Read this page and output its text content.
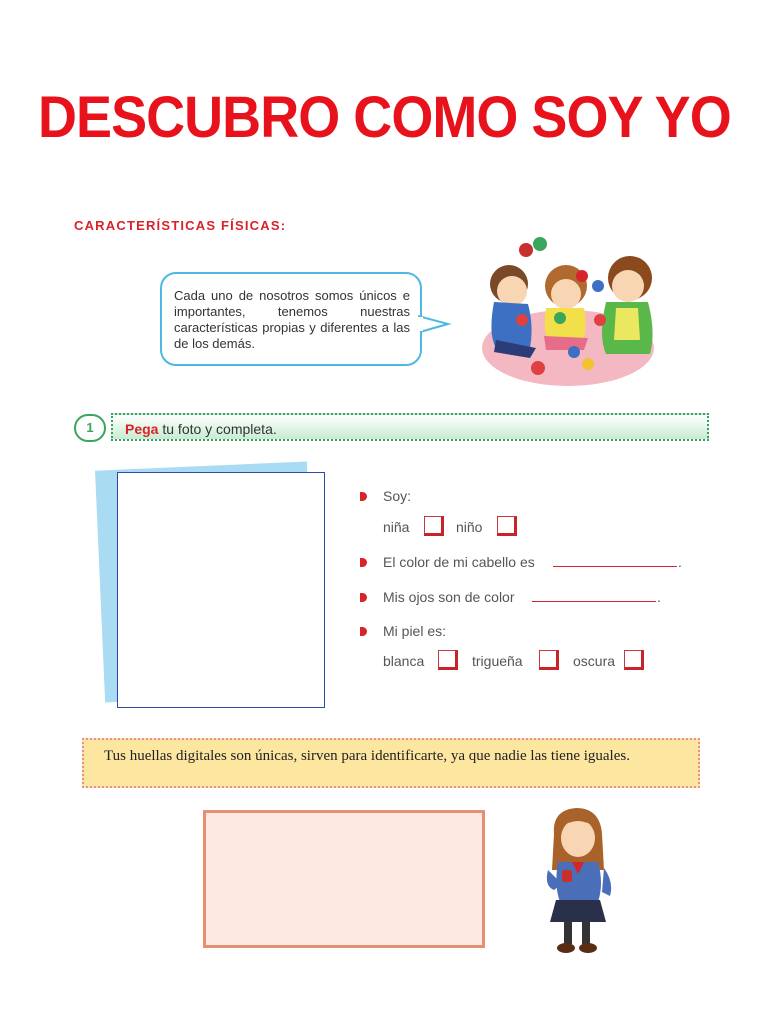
DESCUBRO COMO SOY YO
CARACTERÍSTICAS FÍSICAS:
Cada uno de nosotros somos únicos e importantes, tenemos nuestras características propias y diferentes a las de los demás.
1	Pega tu foto y completa.
Soy:
niña	niño
El color de mi cabello es	.
Mis ojos son de color	.
Mi piel es:
blanca	trigueña	oscura
Tus huellas digitales son únicas, sirven para identificarte, ya que nadie las tiene iguales.
